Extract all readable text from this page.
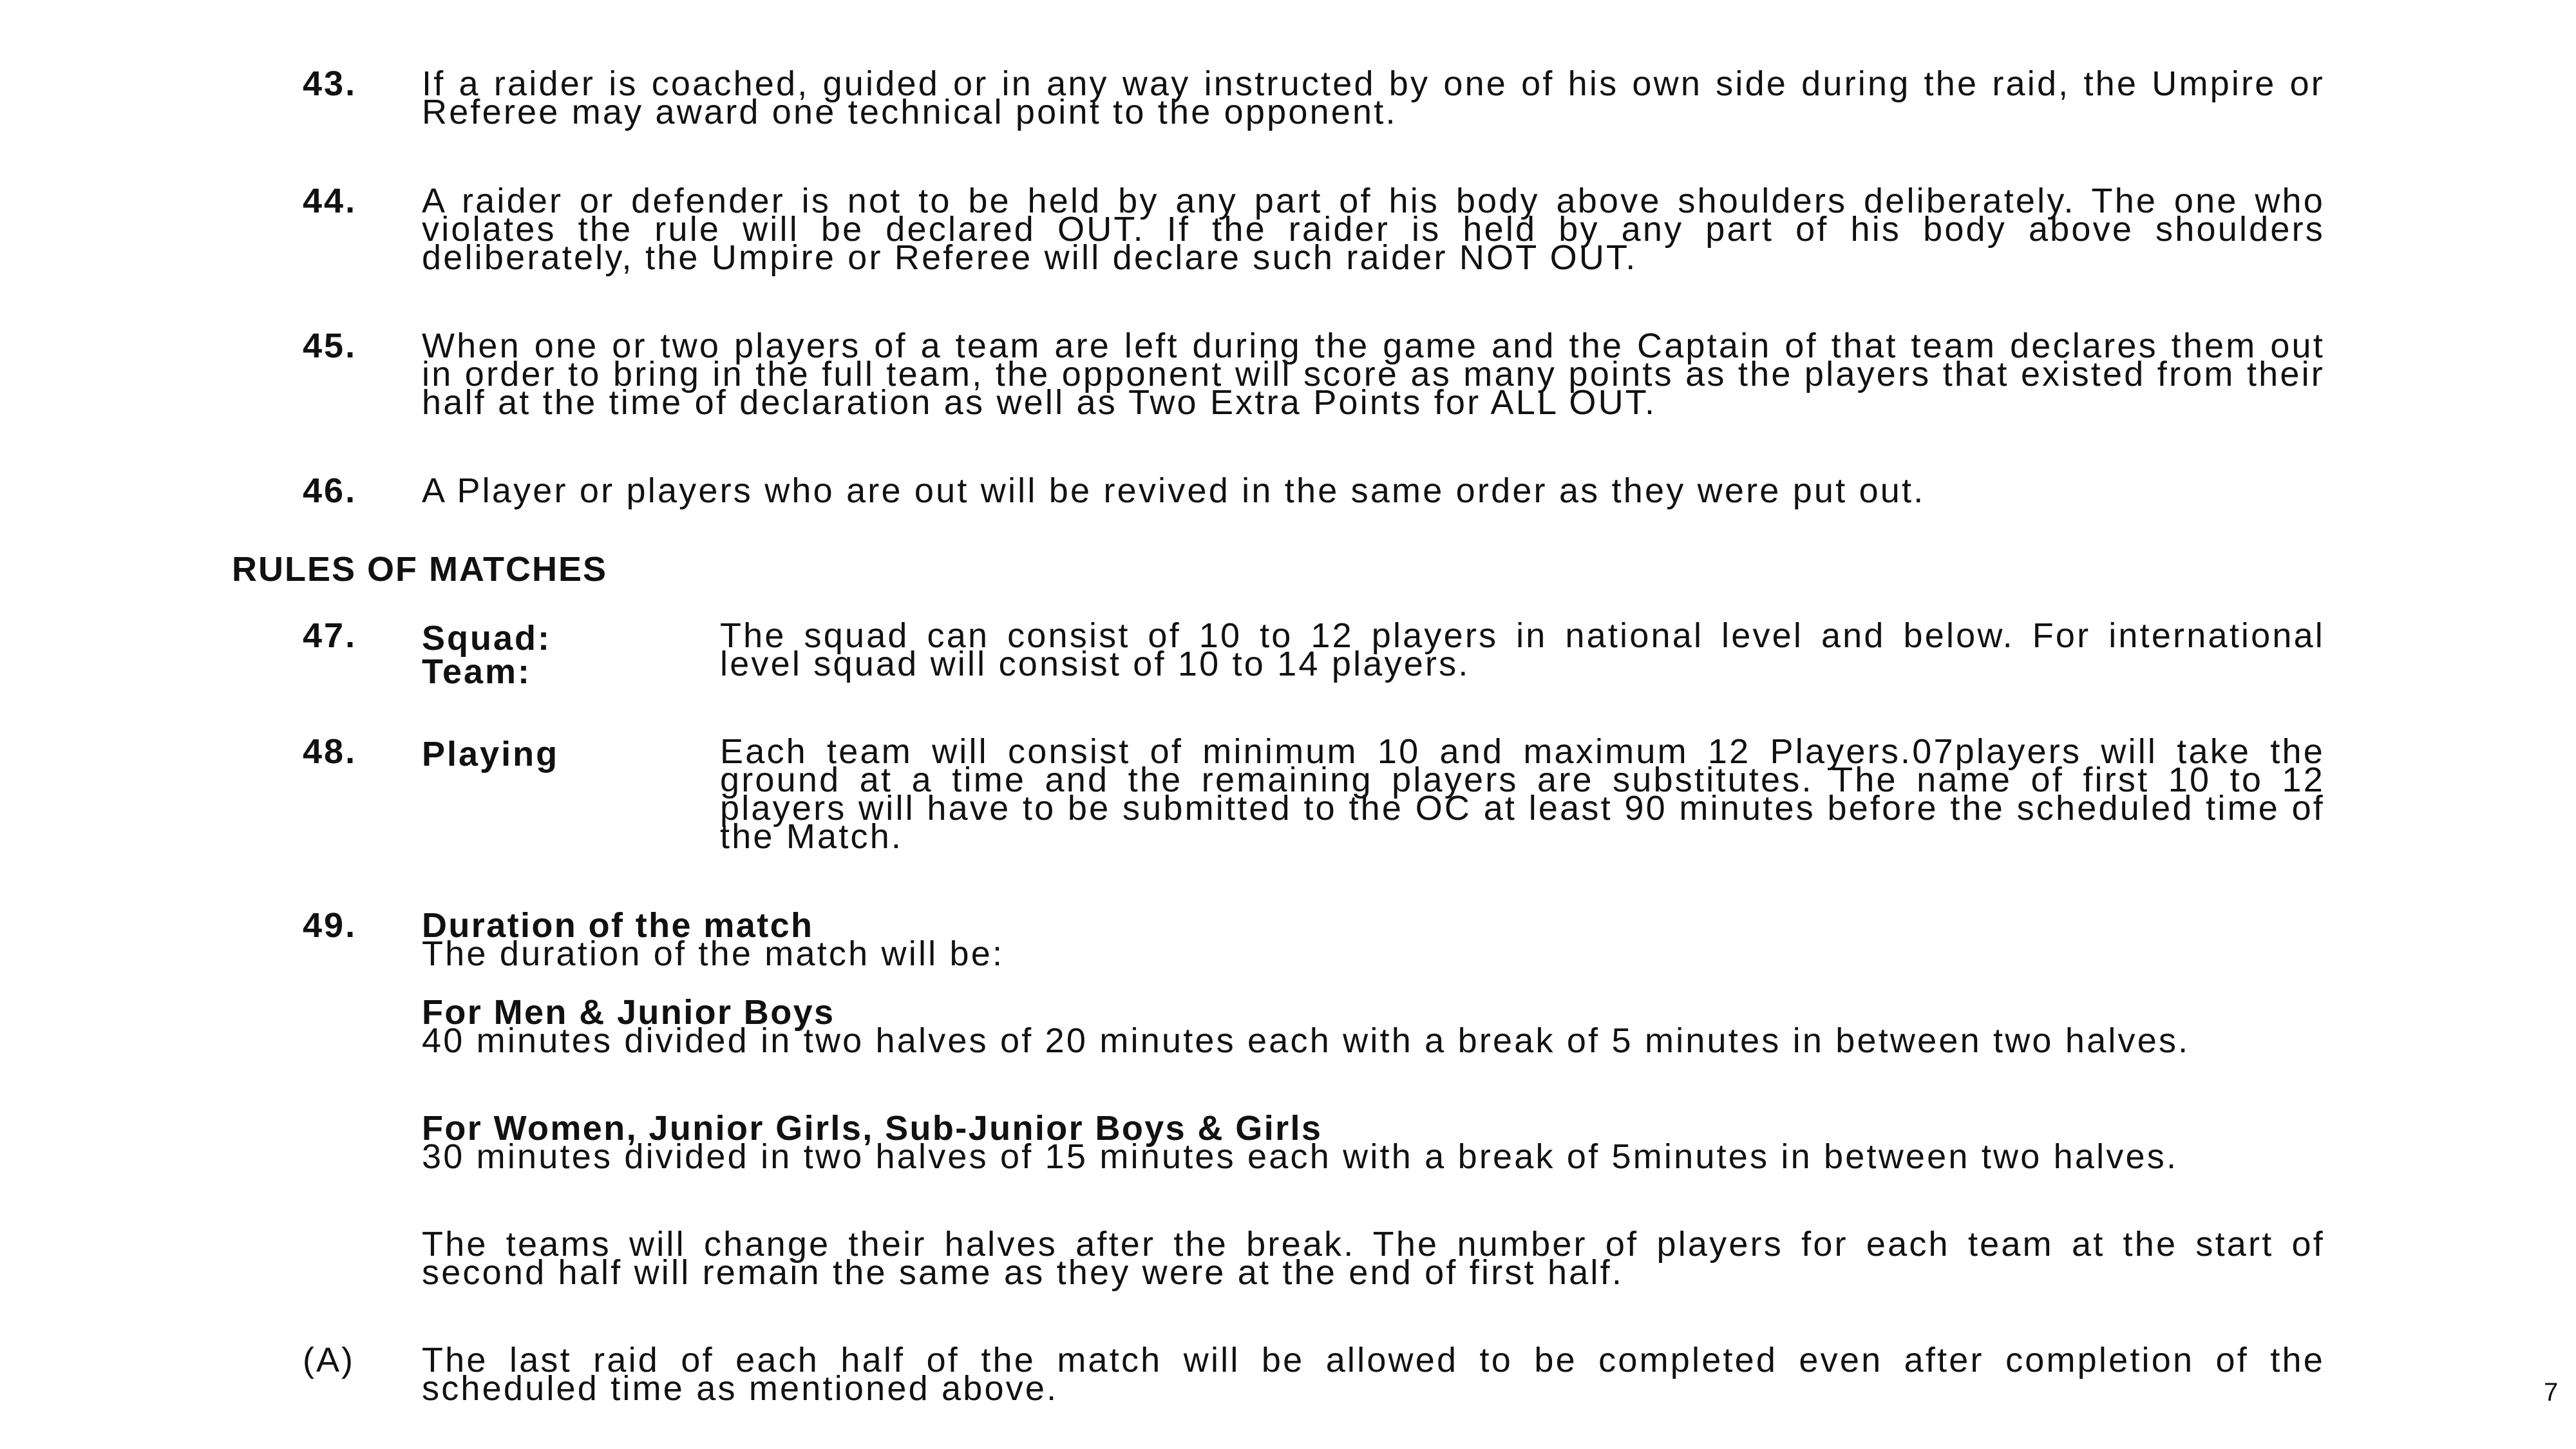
43. If a raider is coached, guided or in any way instructed by one of his own side during the raid, the Umpire or Referee may award one technical point to the opponent.
44. A raider or defender is not to be held by any part of his body above shoulders deliberately. The one who violates the rule will be declared OUT. If the raider is held by any part of his body above shoulders deliberately, the Umpire or Referee will declare such raider NOT OUT.
45. When one or two players of a team are left during the game and the Captain of that team declares them out in order to bring in the full team, the opponent will score as many points as the players that existed from their half at the time of declaration as well as Two Extra Points for ALL OUT.
46. A Player or players who are out will be revived in the same order as they were put out.
RULES OF MATCHES
47. Squad:
Team:
The squad can consist of 10 to 12 players in national level and below. For international level squad will consist of 10 to 14 players.
48. Playing	Each team will consist of minimum 10 and maximum 12 Players.07players will take the ground at a time and the remaining players are substitutes. The name of first 10 to 12 players will have to be submitted to the OC at least 90 minutes before the scheduled time of the Match.
49. Duration of the match
The duration of the match will be:
For Men & Junior Boys
40 minutes divided in two halves of 20 minutes each with a break of 5 minutes in between two halves.
For Women, Junior Girls, Sub-Junior Boys & Girls
30 minutes divided in two halves of 15 minutes each with a break of 5minutes in between two halves.
The teams will change their halves after the break. The number of players for each team at the start of second half will remain the same as they were at the end of first half.
(A) The last raid of each half of the match will be allowed to be completed even after completion of the scheduled time as mentioned above.	7
